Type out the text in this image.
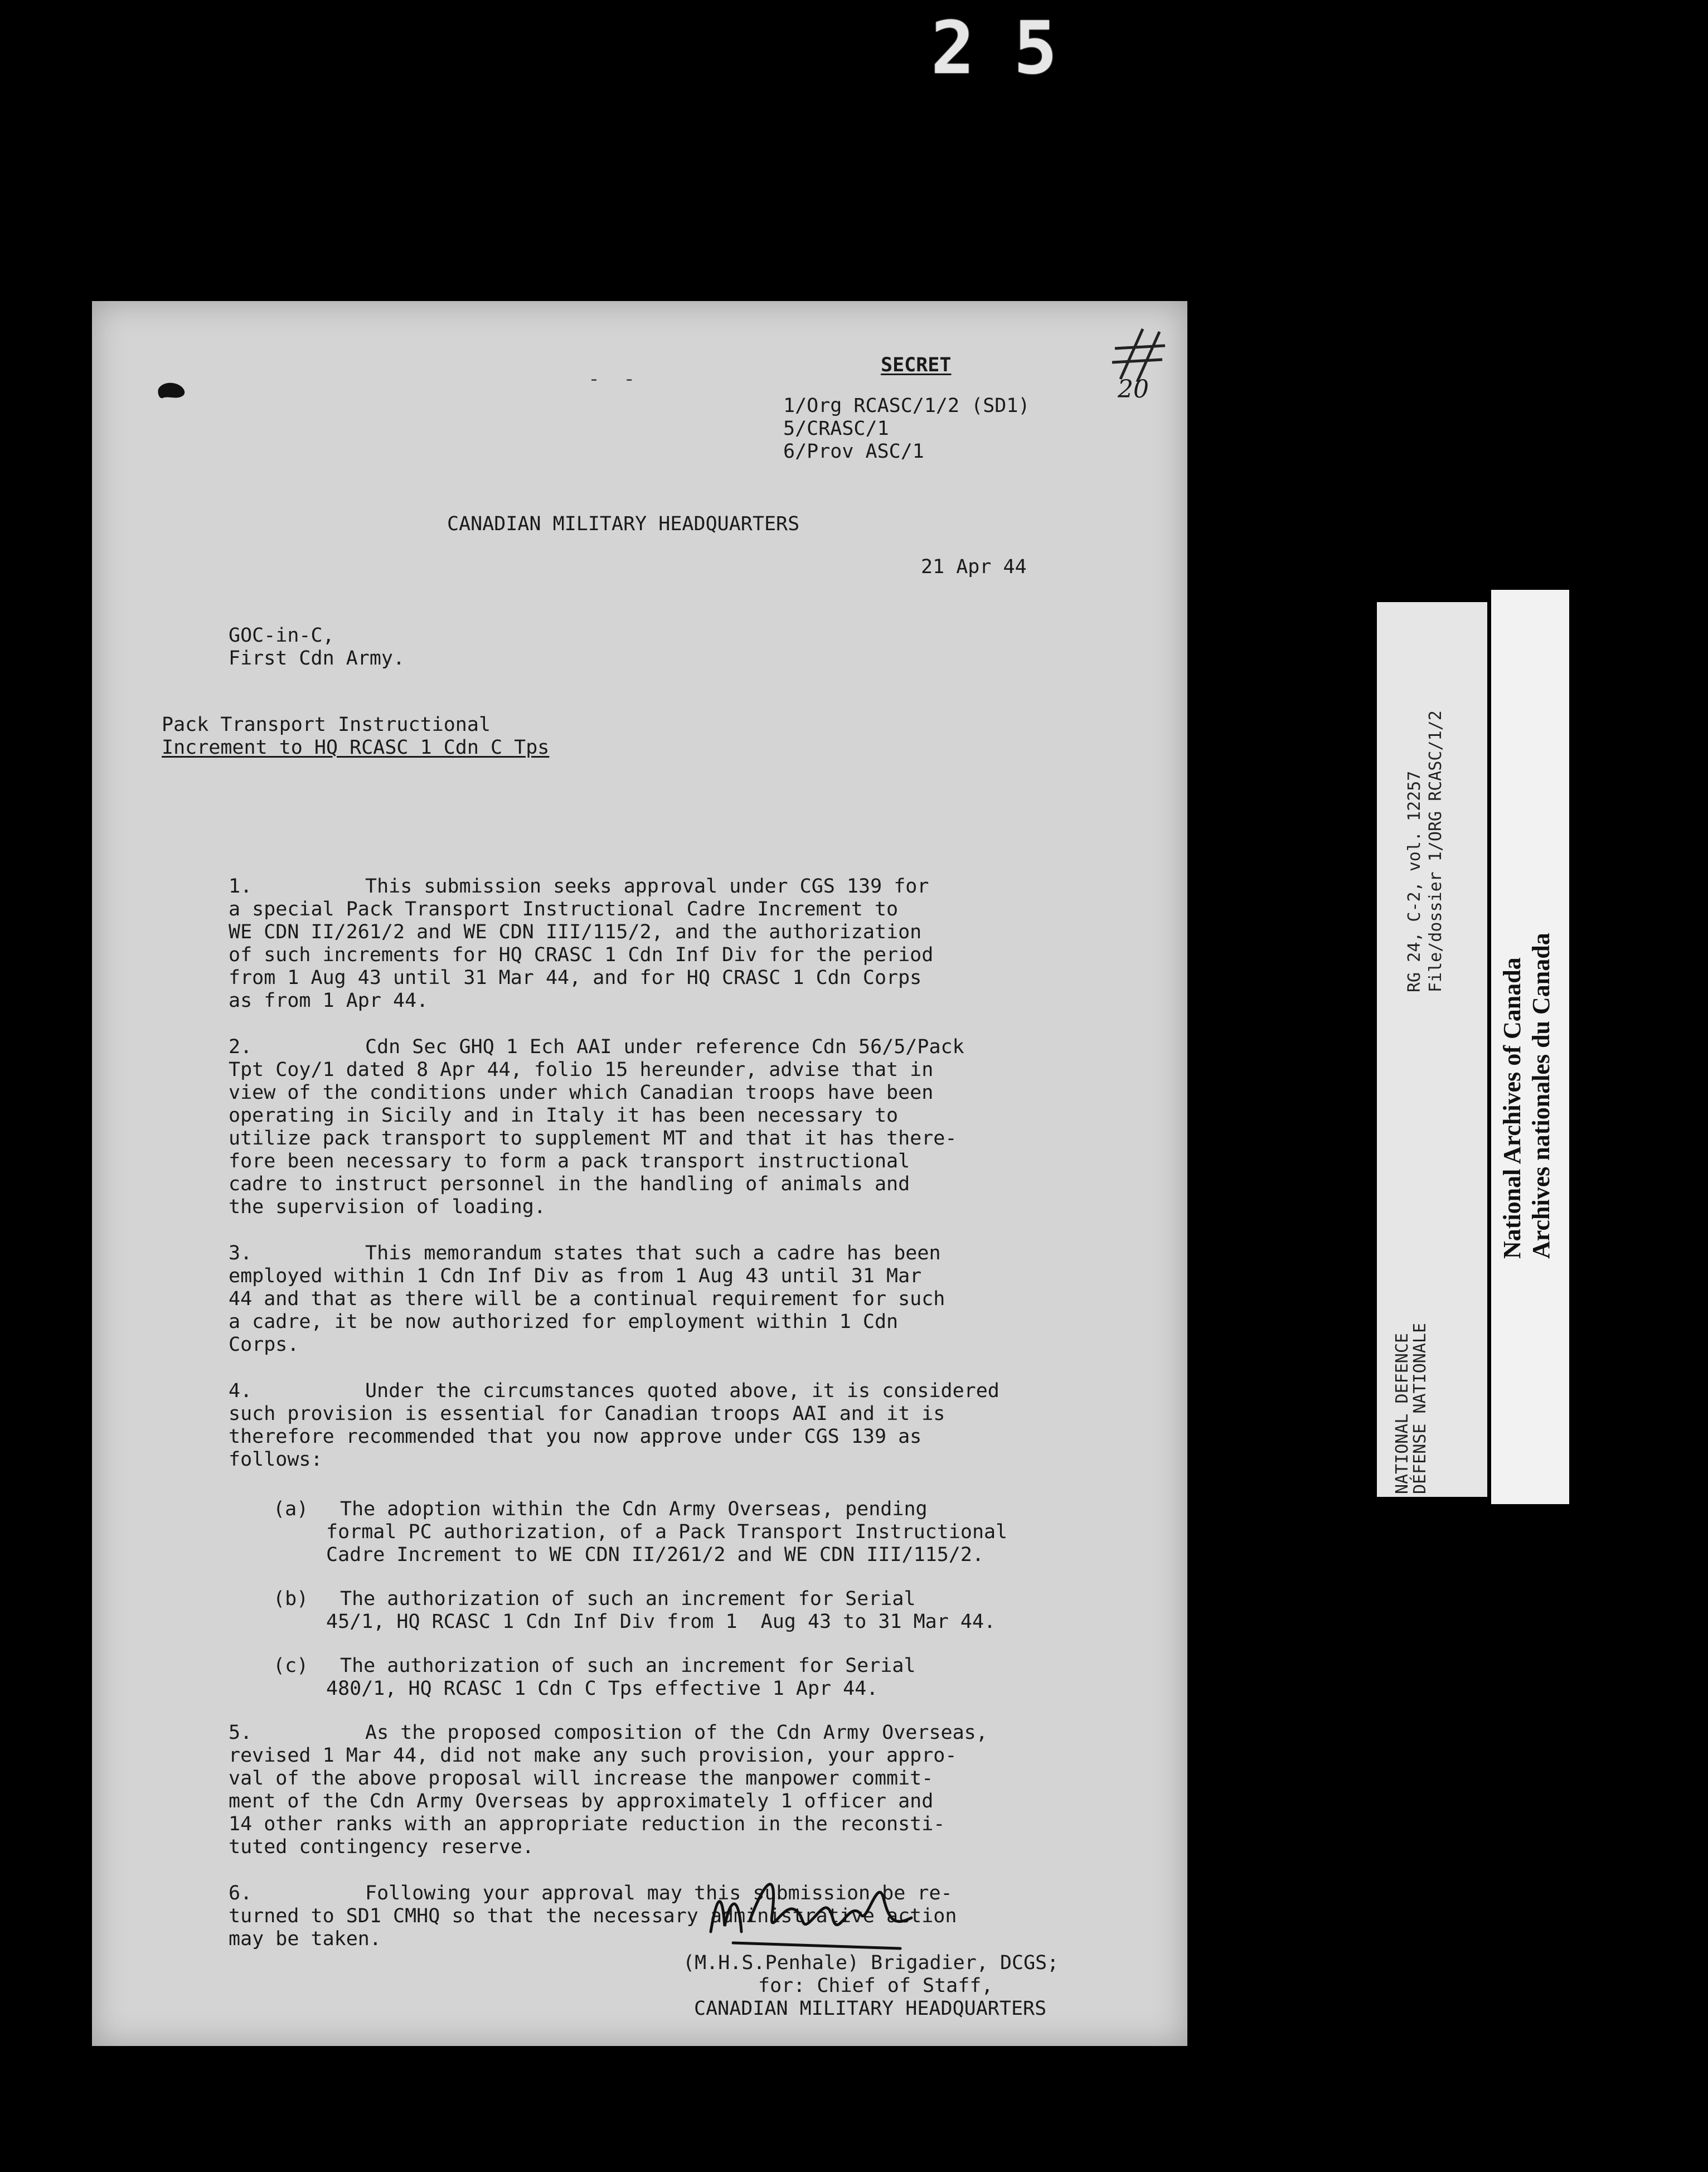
25
-  -
SECRET
20
1/Org RCASC/1/2 (SD1)
5/CRASC/1
6/Prov ASC/1
CANADIAN MILITARY HEADQUARTERS
21 Apr 44
GOC-in-C,
First Cdn Army.
Pack Transport Instructional
Increment to HQ RCASC 1 Cdn C Tps
1.	This submission seeks approval under CGS 139 for
a special Pack Transport Instructional Cadre Increment to
WE CDN II/261/2 and WE CDN III/115/2, and the authorization
of such increments for HQ CRASC 1 Cdn Inf Div for the period
from 1 Aug 43 until 31 Mar 44, and for HQ CRASC 1 Cdn Corps
as from 1 Apr 44.
2.	Cdn Sec GHQ 1 Ech AAI under reference Cdn 56/5/Pack
Tpt Coy/1 dated 8 Apr 44, folio 15 hereunder, advise that in
view of the conditions under which Canadian troops have been
operating in Sicily and in Italy it has been necessary to
utilize pack transport to supplement MT and that it has there-
fore been necessary to form a pack transport instructional
cadre to instruct personnel in the handling of animals and
the supervision of loading.
3.	This memorandum states that such a cadre has been
employed within 1 Cdn Inf Div as from 1 Aug 43 until 31 Mar
44 and that as there will be a continual requirement for such
a cadre, it be now authorized for employment within 1 Cdn
Corps.
4.	Under the circumstances quoted above, it is considered
such provision is essential for Canadian troops AAI and it is
therefore recommended that you now approve under CGS 139 as
follows:
(a) The adoption within the Cdn Army Overseas, pending
formal PC authorization, of a Pack Transport Instructional
Cadre Increment to WE CDN II/261/2 and WE CDN III/115/2.
(b) The authorization of such an increment for Serial
45/1, HQ RCASC 1 Cdn Inf Div from 1  Aug 43 to 31 Mar 44.
(c) The authorization of such an increment for Serial
480/1, HQ RCASC 1 Cdn C Tps effective 1 Apr 44.
5.	As the proposed composition of the Cdn Army Overseas,
revised 1 Mar 44, did not make any such provision, your appro-
val of the above proposal will increase the manpower commit-
ment of the Cdn Army Overseas by approximately 1 officer and
14 other ranks with an appropriate reduction in the reconsti-
tuted contingency reserve.
6.	Following your approval may this submission be re-
turned to SD1 CMHQ so that the necessary administrative action
may be taken.
(M.H.S.Penhale) Brigadier, DCGS;
for: Chief of Staff,
CANADIAN MILITARY HEADQUARTERS
RG 24, C-2, vol. 12257 File/dossier 1/ORG RCASC/1/2
NATIONAL DEFENCE
DÉFENSE NATIONALE
National Archives of Canada Archives nationales du Canada
